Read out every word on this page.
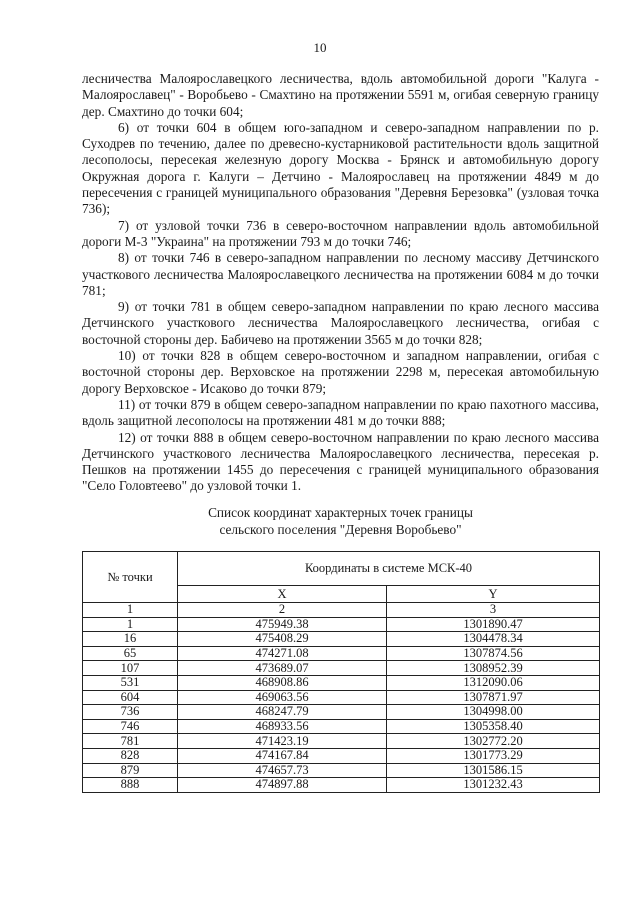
10

лесничества Малоярославецкого лесничества, вдоль автомобильной дороги "Калуга - Малоярославец" - Воробьево - Смахтино на протяжении 5591 м, огибая северную границу дер. Смахтино до точки 604;

6) от точки 604 в общем юго-западном и северо-западном направлении по р. Суходрев по течению, далее по древесно-кустарниковой растительности вдоль защитной лесополосы, пересекая железную дорогу Москва - Брянск и автомобильную дорогу Окружная дорога г. Калуги – Детчино - Малоярославец на протяжении 4849 м до пересечения с границей муниципального образования "Деревня Березовка" (узловая точка 736);

7) от узловой точки 736 в северо-восточном направлении вдоль автомобильной дороги М-3 "Украина" на протяжении 793 м до точки 746;

8) от точки 746 в северо-западном направлении по лесному массиву Детчинского участкового лесничества Малоярославецкого лесничества на протяжении 6084 м до точки 781;

9) от точки 781 в общем северо-западном направлении по краю лесного массива Детчинского участкового лесничества Малоярославецкого лесничества, огибая с восточной стороны дер. Бабичево на протяжении 3565 м до точки 828;

10) от точки 828 в общем северо-восточном и западном направлении, огибая с восточной стороны дер. Верховское на протяжении 2298 м, пересекая автомобильную дорогу Верховское - Исаково до точки 879;

11) от точки 879 в общем северо-западном направлении по краю пахотного массива, вдоль защитной лесополосы на протяжении 481 м до точки 888;

12) от точки 888 в общем северо-восточном направлении по краю лесного массива Детчинского участкового лесничества Малоярославецкого лесничества, пересекая р. Пешков на протяжении 1455 до пересечения с границей муниципального образования "Село Головтеево" до узловой точки 1.

Список координат характерных точек границы
сельского поселения "Деревня Воробьево"
№ точки	Координаты в системе МСК-40	
	X	Y
1	2	3
1	475949.38	1301890.47
16	475408.29	1304478.34
65	474271.08	1307874.56
107	473689.07	1308952.39
531	468908.86	1312090.06
604	469063.56	1307871.97
736	468247.79	1304998.00
746	468933.56	1305358.40
781	471423.19	1302772.20
828	474167.84	1301773.29
879	474657.73	1301586.15
888	474897.88	1301232.43
